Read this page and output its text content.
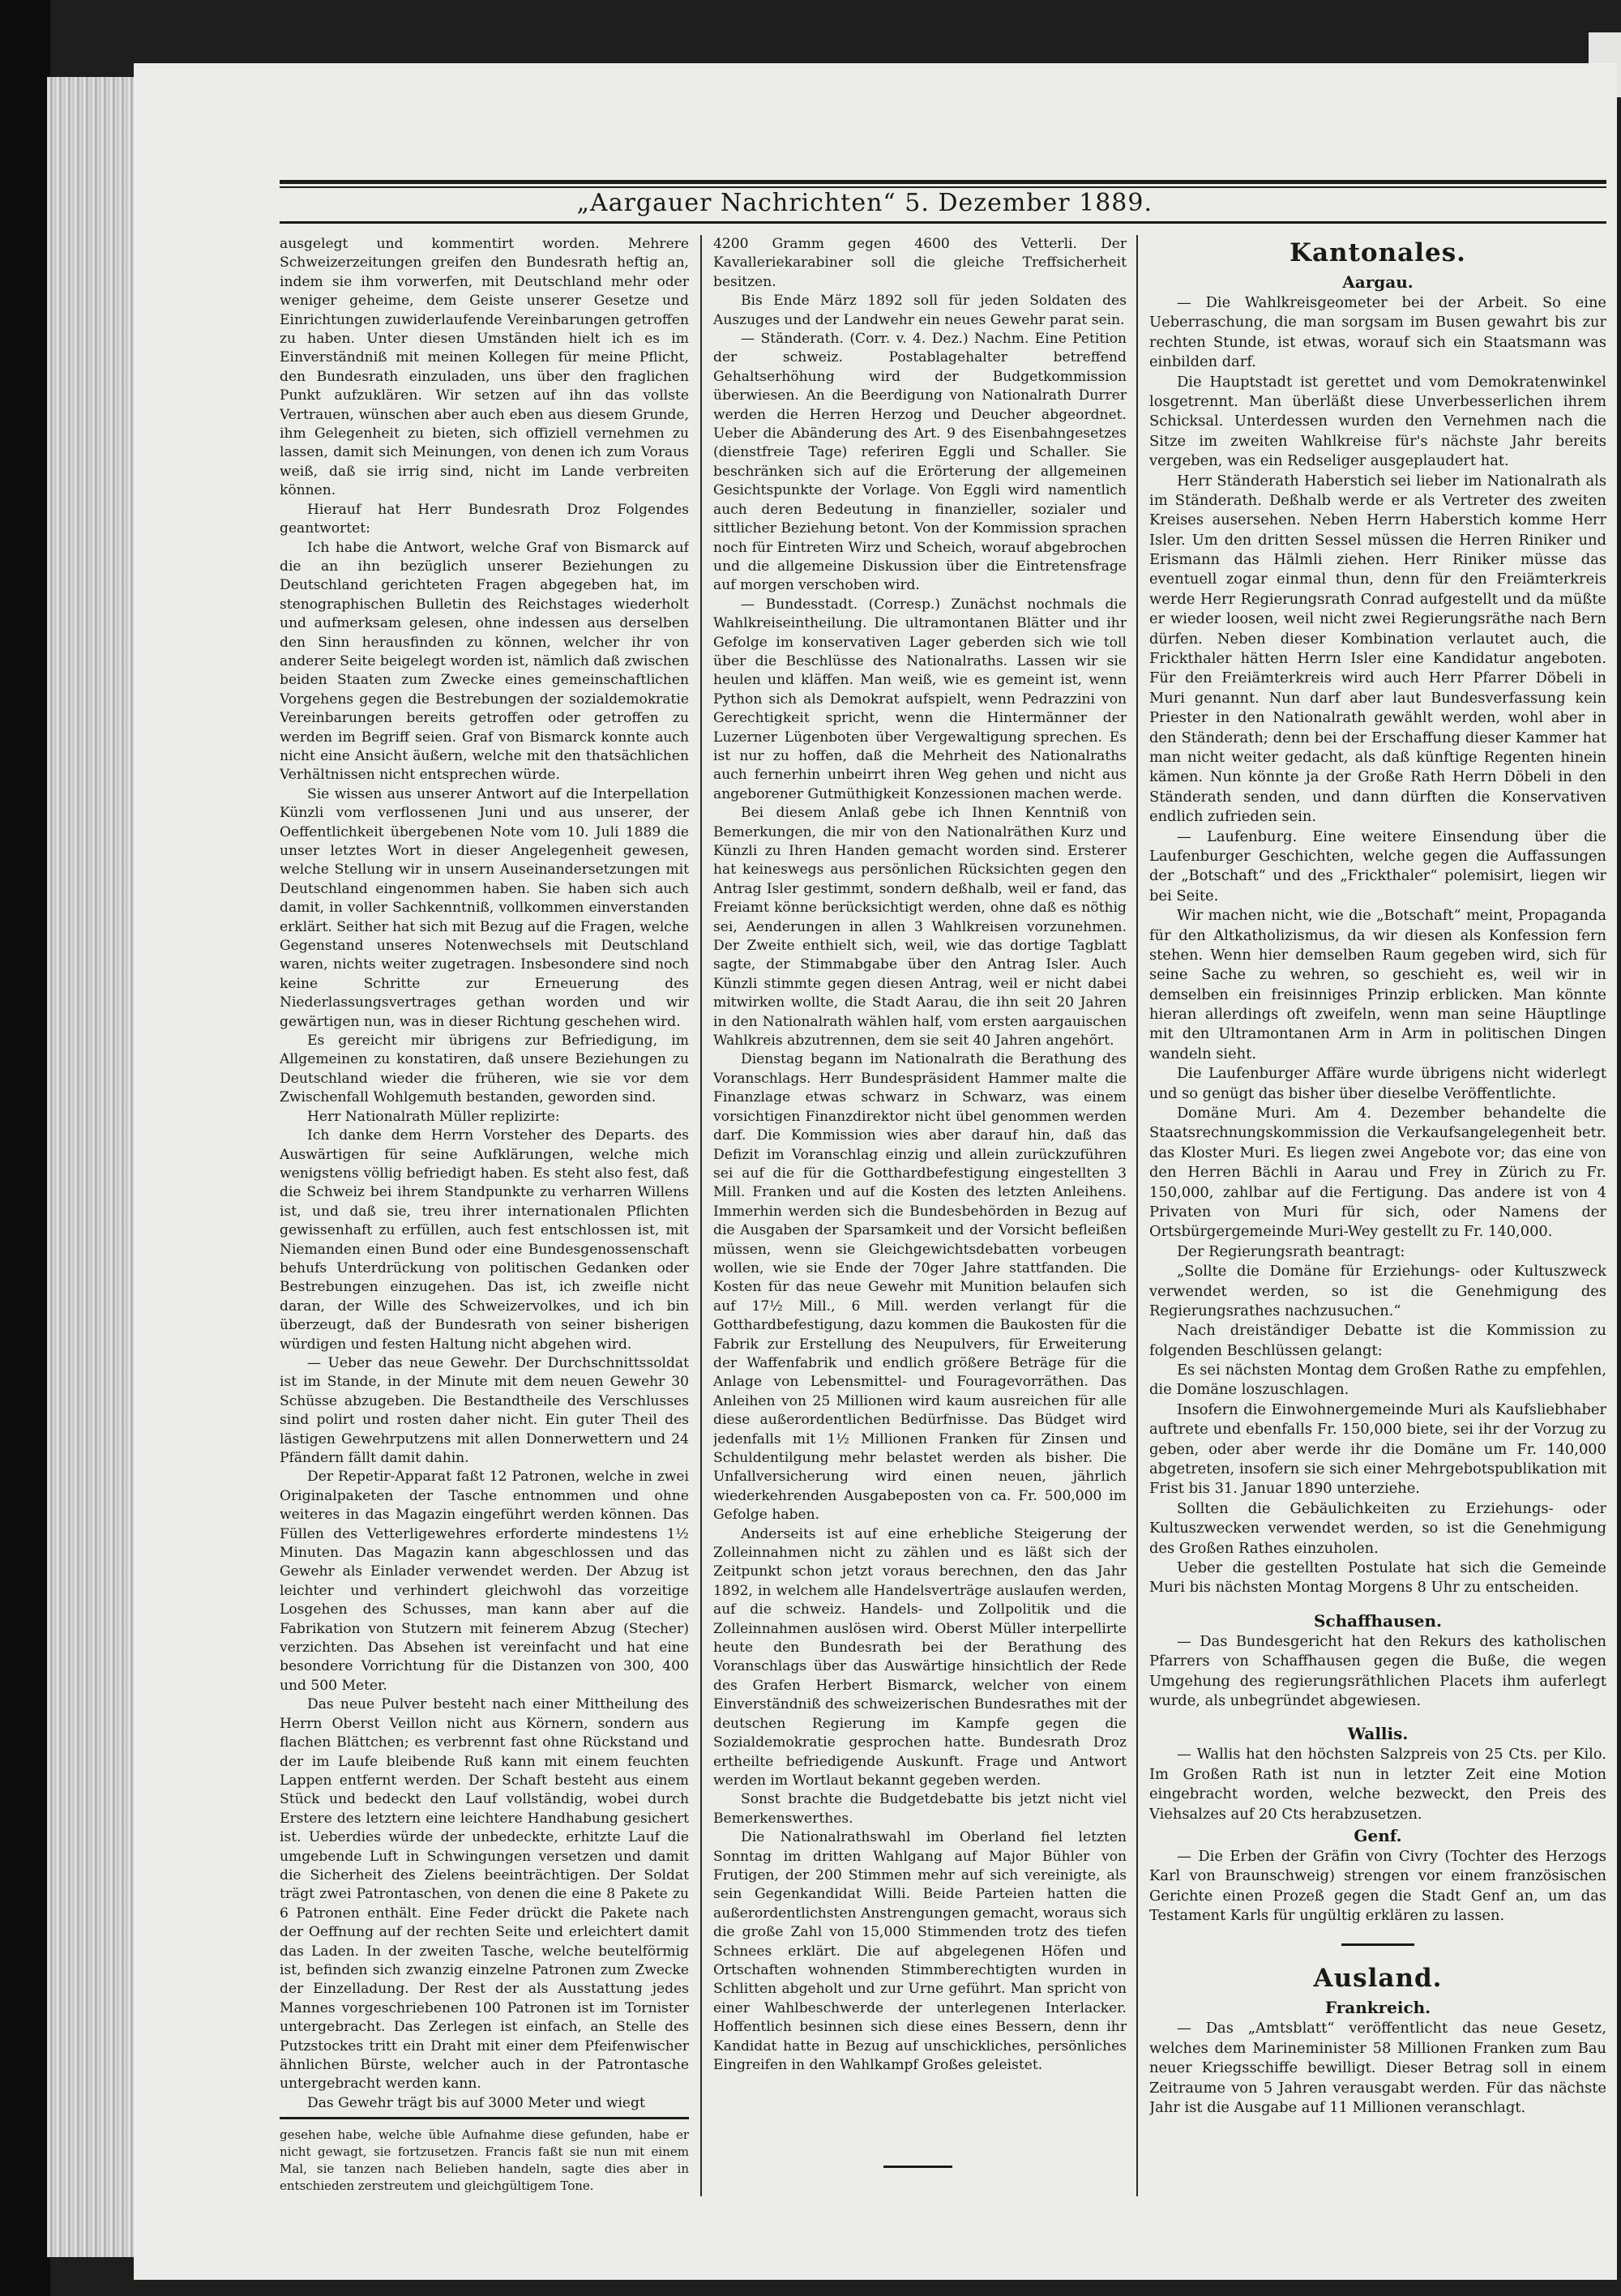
„Aargauer Nachrichten“ 5. Dezember 1889.

ausgelegt und kommentirt worden. Mehrere Schweizerzeitungen greifen den Bundesrath heftig an, indem sie ihm vorwerfen, mit Deutschland mehr oder weniger geheime, dem Geiste unserer Gesetze und Einrichtungen zuwiderlaufende Vereinbarungen getroffen zu haben. Unter diesen Umständen hielt ich es im Einverständniß mit meinen Kollegen für meine Pflicht, den Bundesrath einzuladen, uns über den fraglichen Punkt aufzuklären. Wir setzen auf ihn das vollste Vertrauen, wünschen aber auch eben aus diesem Grunde, ihm Gelegenheit zu bieten, sich offiziell vernehmen zu lassen, damit sich Meinungen, von denen ich zum Voraus weiß, daß sie irrig sind, nicht im Lande verbreiten können.

Hierauf hat Herr Bundesrath Droz Folgendes geantwortet:

Ich habe die Antwort, welche Graf von Bismarck auf die an ihn bezüglich unserer Beziehungen zu Deutschland gerichteten Fragen abgegeben hat, im stenographischen Bulletin des Reichstages wiederholt und aufmerksam gelesen, ohne indessen aus derselben den Sinn herausfinden zu können, welcher ihr von anderer Seite beigelegt worden ist, nämlich daß zwischen beiden Staaten zum Zwecke eines gemeinschaftlichen Vorgehens gegen die Bestrebungen der sozialdemokratie Vereinbarungen bereits getroffen oder getroffen zu werden im Begriff seien. Graf von Bismarck konnte auch nicht eine Ansicht äußern, welche mit den thatsächlichen Verhältnissen nicht entsprechen würde.

Sie wissen aus unserer Antwort auf die Interpellation Künzli vom verflossenen Juni und aus unserer, der Oeffentlichkeit übergebenen Note vom 10. Juli 1889 die unser letztes Wort in dieser Angelegenheit gewesen, welche Stellung wir in unsern Auseinandersetzungen mit Deutschland eingenommen haben. Sie haben sich auch damit, in voller Sachkenntniß, vollkommen einverstanden erklärt. Seither hat sich mit Bezug auf die Fragen, welche Gegenstand unseres Notenwechsels mit Deutschland waren, nichts weiter zugetragen. Insbesondere sind noch keine Schritte zur Erneuerung des Niederlassungsvertrages gethan worden und wir gewärtigen nun, was in dieser Richtung geschehen wird.

Es gereicht mir übrigens zur Befriedigung, im Allgemeinen zu konstatiren, daß unsere Beziehungen zu Deutschland wieder die früheren, wie sie vor dem Zwischenfall Wohlgemuth bestanden, geworden sind.

Herr Nationalrath Müller replizirte:

Ich danke dem Herrn Vorsteher des Departs. des Auswärtigen für seine Aufklärungen, welche mich wenigstens völlig befriedigt haben. Es steht also fest, daß die Schweiz bei ihrem Standpunkte zu verharren Willens ist, und daß sie, treu ihrer internationalen Pflichten gewissenhaft zu erfüllen, auch fest entschlossen ist, mit Niemanden einen Bund oder eine Bundesgenossenschaft behufs Unterdrückung von politischen Gedanken oder Bestrebungen einzugehen. Das ist, ich zweifle nicht daran, der Wille des Schweizervolkes, und ich bin überzeugt, daß der Bundesrath von seiner bisherigen würdigen und festen Haltung nicht abgehen wird.

— Ueber das neue Gewehr. Der Durchschnittssoldat ist im Stande, in der Minute mit dem neuen Gewehr 30 Schüsse abzugeben. Die Bestandtheile des Verschlusses sind polirt und rosten daher nicht. Ein guter Theil des lästigen Gewehrputzens mit allen Donnerwettern und 24 Pfändern fällt damit dahin.

Der Repetir-Apparat faßt 12 Patronen, welche in zwei Originalpaketen der Tasche entnommen und ohne weiteres in das Magazin eingeführt werden können. Das Füllen des Vetterligewehres erforderte mindestens 1½ Minuten. Das Magazin kann abgeschlossen und das Gewehr als Einlader verwendet werden. Der Abzug ist leichter und verhindert gleichwohl das vorzeitige Losgehen des Schusses, man kann aber auf die Fabrikation von Stutzern mit feinerem Abzug (Stecher) verzichten. Das Absehen ist vereinfacht und hat eine besondere Vorrichtung für die Distanzen von 300, 400 und 500 Meter.

Das neue Pulver besteht nach einer Mittheilung des Herrn Oberst Veillon nicht aus Körnern, sondern aus flachen Blättchen; es verbrennt fast ohne Rückstand und der im Laufe bleibende Ruß kann mit einem feuchten Lappen entfernt werden. Der Schaft besteht aus einem Stück und bedeckt den Lauf vollständig, wobei durch Erstere des letztern eine leichtere Handhabung gesichert ist. Ueberdies würde der unbedeckte, erhitzte Lauf die umgebende Luft in Schwingungen versetzen und damit die Sicherheit des Zielens beeinträchtigen. Der Soldat trägt zwei Patrontaschen, von denen die eine 8 Pakete zu 6 Patronen enthält. Eine Feder drückt die Pakete nach der Oeffnung auf der rechten Seite und erleichtert damit das Laden. In der zweiten Tasche, welche beutelförmig ist, befinden sich zwanzig einzelne Patronen zum Zwecke der Einzelladung. Der Rest der als Ausstattung jedes Mannes vorgeschriebenen 100 Patronen ist im Tornister untergebracht. Das Zerlegen ist einfach, an Stelle des Putzstockes tritt ein Draht mit einer dem Pfeifenwischer ähnlichen Bürste, welcher auch in der Patrontasche untergebracht werden kann.

Das Gewehr trägt bis auf 3000 Meter und wiegt

4200 Gramm gegen 4600 des Vetterli. Der Kavalleriekarabiner soll die gleiche Treffsicherheit besitzen.

Bis Ende März 1892 soll für jeden Soldaten des Auszuges und der Landwehr ein neues Gewehr parat sein.

— Ständerath. (Corr. v. 4. Dez.) Nachm. Eine Petition der schweiz. Postablagehalter betreffend Gehaltserhöhung wird der Budgetkommission überwiesen. An die Beerdigung von Nationalrath Durrer werden die Herren Herzog und Deucher abgeordnet. Ueber die Abänderung des Art. 9 des Eisenbahngesetzes (dienstfreie Tage) referiren Eggli und Schaller. Sie beschränken sich auf die Erörterung der allgemeinen Gesichtspunkte der Vorlage. Von Eggli wird namentlich auch deren Bedeutung in finanzieller, sozialer und sittlicher Beziehung betont. Von der Kommission sprachen noch für Eintreten Wirz und Scheich, worauf abgebrochen und die allgemeine Diskussion über die Eintretensfrage auf morgen verschoben wird.

— Bundesstadt. (Corresp.) Zunächst nochmals die Wahlkreiseintheilung. Die ultramontanen Blätter und ihr Gefolge im konservativen Lager geberden sich wie toll über die Beschlüsse des Nationalraths. Lassen wir sie heulen und kläffen. Man weiß, wie es gemeint ist, wenn Python sich als Demokrat aufspielt, wenn Pedrazzini von Gerechtigkeit spricht, wenn die Hintermänner der Luzerner Lügenboten über Vergewaltigung sprechen. Es ist nur zu hoffen, daß die Mehrheit des Nationalraths auch fernerhin unbeirrt ihren Weg gehen und nicht aus angeborener Gutmüthigkeit Konzessionen machen werde.

Bei diesem Anlaß gebe ich Ihnen Kenntniß von Bemerkungen, die mir von den Nationalräthen Kurz und Künzli zu Ihren Handen gemacht worden sind. Ersterer hat keineswegs aus persönlichen Rücksichten gegen den Antrag Isler gestimmt, sondern deßhalb, weil er fand, das Freiamt könne berücksichtigt werden, ohne daß es nöthig sei, Aenderungen in allen 3 Wahlkreisen vorzunehmen. Der Zweite enthielt sich, weil, wie das dortige Tagblatt sagte, der Stimmabgabe über den Antrag Isler. Auch Künzli stimmte gegen diesen Antrag, weil er nicht dabei mitwirken wollte, die Stadt Aarau, die ihn seit 20 Jahren in den Nationalrath wählen half, vom ersten aargauischen Wahlkreis abzutrennen, dem sie seit 40 Jahren angehört.

Dienstag begann im Nationalrath die Berathung des Voranschlags. Herr Bundespräsident Hammer malte die Finanzlage etwas schwarz in Schwarz, was einem vorsichtigen Finanzdirektor nicht übel genommen werden darf. Die Kommission wies aber darauf hin, daß das Defizit im Voranschlag einzig und allein zurückzuführen sei auf die für die Gotthardbefestigung eingestellten 3 Mill. Franken und auf die Kosten des letzten Anleihens. Immerhin werden sich die Bundesbehörden in Bezug auf die Ausgaben der Sparsamkeit und der Vorsicht befleißen müssen, wenn sie Gleichgewichtsdebatten vorbeugen wollen, wie sie Ende der 70ger Jahre stattfanden. Die Kosten für das neue Gewehr mit Munition belaufen sich auf 17½ Mill., 6 Mill. werden verlangt für die Gotthardbefestigung, dazu kommen die Baukosten für die Fabrik zur Erstellung des Neupulvers, für Erweiterung der Waffenfabrik und endlich größere Beträge für die Anlage von Lebensmittel- und Fouragevorräthen. Das Anleihen von 25 Millionen wird kaum ausreichen für alle diese außerordentlichen Bedürfnisse. Das Büdget wird jedenfalls mit 1½ Millionen Franken für Zinsen und Schuldentilgung mehr belastet werden als bisher. Die Unfallversicherung wird einen neuen, jährlich wiederkehrenden Ausgabeposten von ca. Fr. 500,000 im Gefolge haben.

Anderseits ist auf eine erhebliche Steigerung der Zolleinnahmen nicht zu zählen und es läßt sich der Zeitpunkt schon jetzt voraus berechnen, den das Jahr 1892, in welchem alle Handelsverträge auslaufen werden, auf die schweiz. Handels- und Zollpolitik und die Zolleinnahmen auslösen wird. Oberst Müller interpellirte heute den Bundesrath bei der Berathung des Voranschlags über das Auswärtige hinsichtlich der Rede des Grafen Herbert Bismarck, welcher von einem Einverständniß des schweizerischen Bundesrathes mit der deutschen Regierung im Kampfe gegen die Sozialdemokratie gesprochen hatte. Bundesrath Droz ertheilte befriedigende Auskunft. Frage und Antwort werden im Wortlaut bekannt gegeben werden.

Sonst brachte die Budgetdebatte bis jetzt nicht viel Bemerkenswerthes.

Die Nationalrathswahl im Oberland fiel letzten Sonntag im dritten Wahlgang auf Major Bühler von Frutigen, der 200 Stimmen mehr auf sich vereinigte, als sein Gegenkandidat Willi. Beide Parteien hatten die außerordentlichsten Anstrengungen gemacht, woraus sich die große Zahl von 15,000 Stimmenden trotz des tiefen Schnees erklärt. Die auf abgelegenen Höfen und Ortschaften wohnenden Stimmberechtigten wurden in Schlitten abgeholt und zur Urne geführt. Man spricht von einer Wahlbeschwerde der unterlegenen Interlacker. Hoffentlich besinnen sich diese eines Bessern, denn ihr Kandidat hatte in Bezug auf unschickliches, persönliches Eingreifen in den Wahlkampf Großes geleistet.

gesehen habe, welche üble Aufnahme diese gefunden, habe er nicht gewagt, sie fortzusetzen. Francis faßt sie nun mit einem Mal, sie tanzen nach Belieben handeln, sagte dies aber in entschieden zerstreutem und gleichgültigem Tone.
Kantonales.
Aargau.

— Die Wahlkreisgeometer bei der Arbeit. So eine Ueberraschung, die man sorgsam im Busen gewahrt bis zur rechten Stunde, ist etwas, worauf sich ein Staatsmann was einbilden darf.

Die Hauptstadt ist gerettet und vom Demokratenwinkel losgetrennt. Man überläßt diese Unverbesserlichen ihrem Schicksal. Unterdessen wurden den Vernehmen nach die Sitze im zweiten Wahlkreise für's nächste Jahr bereits vergeben, was ein Redseliger ausgeplaudert hat.

Herr Ständerath Haberstich sei lieber im Nationalrath als im Ständerath. Deßhalb werde er als Vertreter des zweiten Kreises ausersehen. Neben Herrn Haberstich komme Herr Isler. Um den dritten Sessel müssen die Herren Riniker und Erismann das Hälmli ziehen. Herr Riniker müsse das eventuell zogar einmal thun, denn für den Freiämterkreis werde Herr Regierungsrath Conrad aufgestellt und da müßte er wieder loosen, weil nicht zwei Regierungsräthe nach Bern dürfen. Neben dieser Kombination verlautet auch, die Frickthaler hätten Herrn Isler eine Kandidatur angeboten. Für den Freiämterkreis wird auch Herr Pfarrer Döbeli in Muri genannt. Nun darf aber laut Bundesverfassung kein Priester in den Nationalrath gewählt werden, wohl aber in den Ständerath; denn bei der Erschaffung dieser Kammer hat man nicht weiter gedacht, als daß künftige Regenten hinein kämen. Nun könnte ja der Große Rath Herrn Döbeli in den Ständerath senden, und dann dürften die Konservativen endlich zufrieden sein.

— Laufenburg. Eine weitere Einsendung über die Laufenburger Geschichten, welche gegen die Auffassungen der „Botschaft“ und des „Frickthaler“ polemisirt, liegen wir bei Seite.

Wir machen nicht, wie die „Botschaft“ meint, Propaganda für den Altkatholizismus, da wir diesen als Konfession fern stehen. Wenn hier demselben Raum gegeben wird, sich für seine Sache zu wehren, so geschieht es, weil wir in demselben ein freisinniges Prinzip erblicken. Man könnte hieran allerdings oft zweifeln, wenn man seine Häuptlinge mit den Ultramontanen Arm in Arm in politischen Dingen wandeln sieht.

Die Laufenburger Affäre wurde übrigens nicht widerlegt und so genügt das bisher über dieselbe Veröffentlichte.

Domäne Muri. Am 4. Dezember behandelte die Staatsrechnungskommission die Verkaufsangelegenheit betr. das Kloster Muri. Es liegen zwei Angebote vor; das eine von den Herren Bächli in Aarau und Frey in Zürich zu Fr. 150,000, zahlbar auf die Fertigung. Das andere ist von 4 Privaten von Muri für sich, oder Namens der Ortsbürgergemeinde Muri-Wey gestellt zu Fr. 140,000.

Der Regierungsrath beantragt:

„Sollte die Domäne für Erziehungs- oder Kultuszweck verwendet werden, so ist die Genehmigung des Regierungsrathes nachzusuchen.“

Nach dreiständiger Debatte ist die Kommission zu folgenden Beschlüssen gelangt:

Es sei nächsten Montag dem Großen Rathe zu empfehlen, die Domäne loszuschlagen.

Insofern die Einwohnergemeinde Muri als Kaufsliebhaber auftrete und ebenfalls Fr. 150,000 biete, sei ihr der Vorzug zu geben, oder aber werde ihr die Domäne um Fr. 140,000 abgetreten, insofern sie sich einer Mehrgebotspublikation mit Frist bis 31. Januar 1890 unterziehe.

Sollten die Gebäulichkeiten zu Erziehungs- oder Kultuszwecken verwendet werden, so ist die Genehmigung des Großen Rathes einzuholen.

Ueber die gestellten Postulate hat sich die Gemeinde Muri bis nächsten Montag Morgens 8 Uhr zu entscheiden.

Schaffhausen.

— Das Bundesgericht hat den Rekurs des katholischen Pfarrers von Schaffhausen gegen die Buße, die wegen Umgehung des regierungsräthlichen Placets ihm auferlegt wurde, als unbegründet abgewiesen.

Wallis.

— Wallis hat den höchsten Salzpreis von 25 Cts. per Kilo. Im Großen Rath ist nun in letzter Zeit eine Motion eingebracht worden, welche bezweckt, den Preis des Viehsalzes auf 20 Cts herabzusetzen.

Genf.

— Die Erben der Gräfin von Civry (Tochter des Herzogs Karl von Braunschweig) strengen vor einem französischen Gerichte einen Prozeß gegen die Stadt Genf an, um das Testament Karls für ungültig erklären zu lassen.

Ausland.
Frankreich.

— Das „Amtsblatt“ veröffentlicht das neue Gesetz, welches dem Marineminister 58 Millionen Franken zum Bau neuer Kriegsschiffe bewilligt. Dieser Betrag soll in einem Zeitraume von 5 Jahren verausgabt werden. Für das nächste Jahr ist die Ausgabe auf 11 Millionen veranschlagt.
